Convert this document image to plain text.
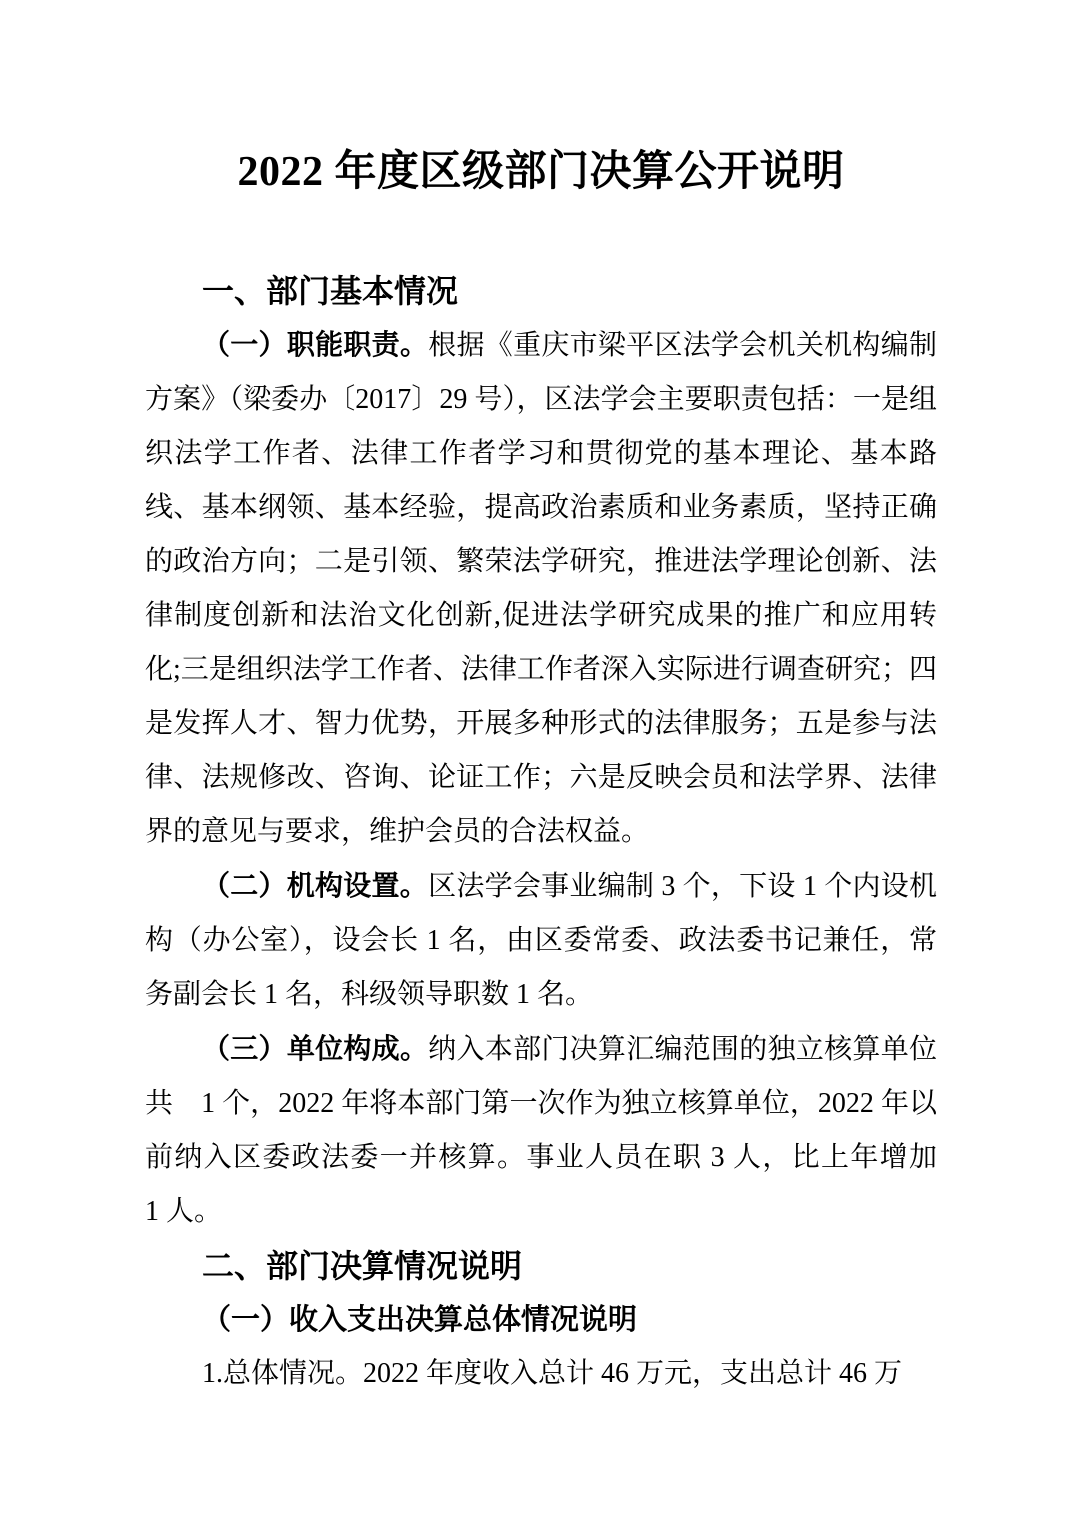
2022 年度区级部门决算公开说明
一、部门基本情况

（一）职能职责。根据《重庆市梁平区法学会机关机构编制方案》（梁委办〔2017〕29 号），区法学会主要职责包括：一是组织法学工作者、法律工作者学习和贯彻党的基本理论、基本路线、基本纲领、基本经验，提高政治素质和业务素质，坚持正确的政治方向；二是引领、繁荣法学研究，推进法学理论创新、法律制度创新和法治文化创新,促进法学研究成果的推广和应用转化;三是组织法学工作者、法律工作者深入实际进行调查研究；四是发挥人才、智力优势，开展多种形式的法律服务；五是参与法律、法规修改、咨询、论证工作；六是反映会员和法学界、法律界的意见与要求，维护会员的合法权益。

（二）机构设置。区法学会事业编制 3 个，下设 1 个内设机构（办公室），设会长 1 名，由区委常委、政法委书记兼任，常务副会长 1 名，科级领导职数 1 名。

（三）单位构成。纳入本部门决算汇编范围的独立核算单位共　1 个，2022 年将本部门第一次作为独立核算单位，2022 年以前纳入区委政法委一并核算。事业人员在职 3 人，比上年增加　1 人。

二、部门决算情况说明
（一）收入支出决算总体情况说明

1.总体情况。2022 年度收入总计 46 万元，支出总计 46 万
